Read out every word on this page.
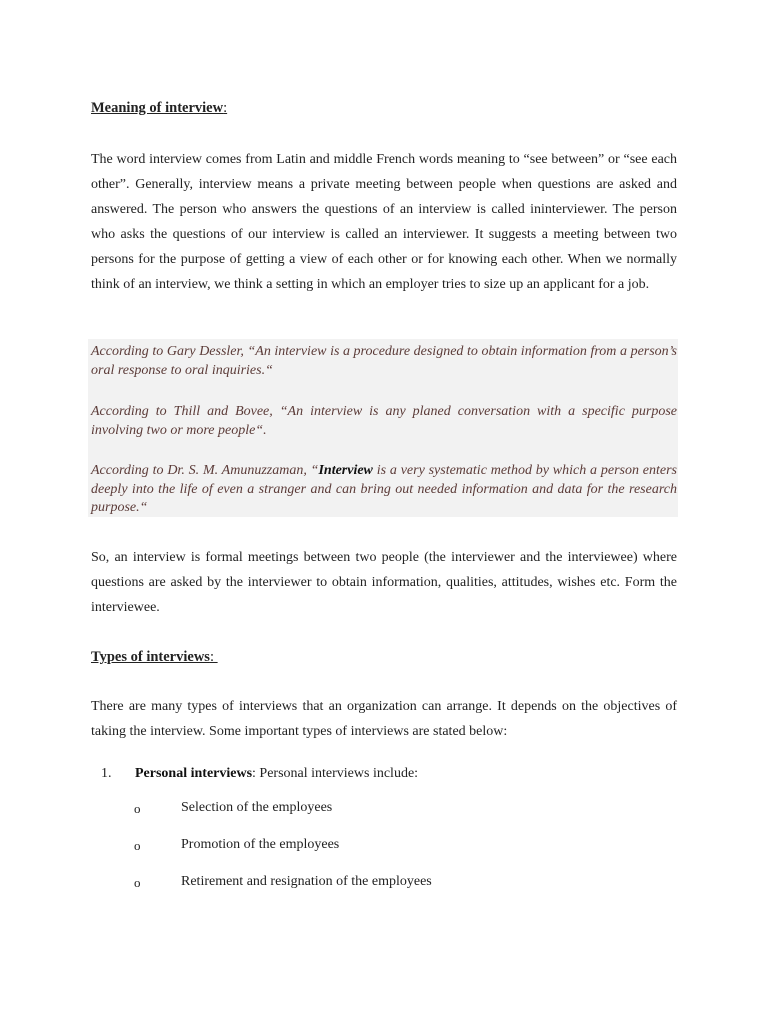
Meaning of interview:

The word interview comes from Latin and middle French words meaning to “see between” or “see each other”. Generally, interview means a private meeting between people when questions are asked and answered. The person who answers the questions of an interview is called ininterviewer. The person who asks the questions of our interview is called an interviewer. It suggests a meeting between two persons for the purpose of getting a view of each other or for knowing each other. When we normally think of an interview, we think a setting in which an employer tries to size up an applicant for a job.

According to Gary Dessler, “An interview is a procedure designed to obtain information from a person’s oral response to oral inquiries.“

According to Thill and Bovee, “An interview is any planed conversation with a specific purpose involving two or more people“.

According to Dr. S. M. Amunuzzaman, “Interview is a very systematic method by which a person enters deeply into the life of even a stranger and can bring out needed information and data for the research purpose.“

So, an interview is formal meetings between two people (the interviewer and the interviewee) where questions are asked by the interviewer to obtain information, qualities, attitudes, wishes etc. Form the interviewee.

Types of interviews:

There are many types of interviews that an organization can arrange. It depends on the objectives of taking the interview. Some important types of interviews are stated below:

1. Personal interviews: Personal interviews include:
o	Selection of the employees
o	Promotion of the employees
o	Retirement and resignation of the employees
